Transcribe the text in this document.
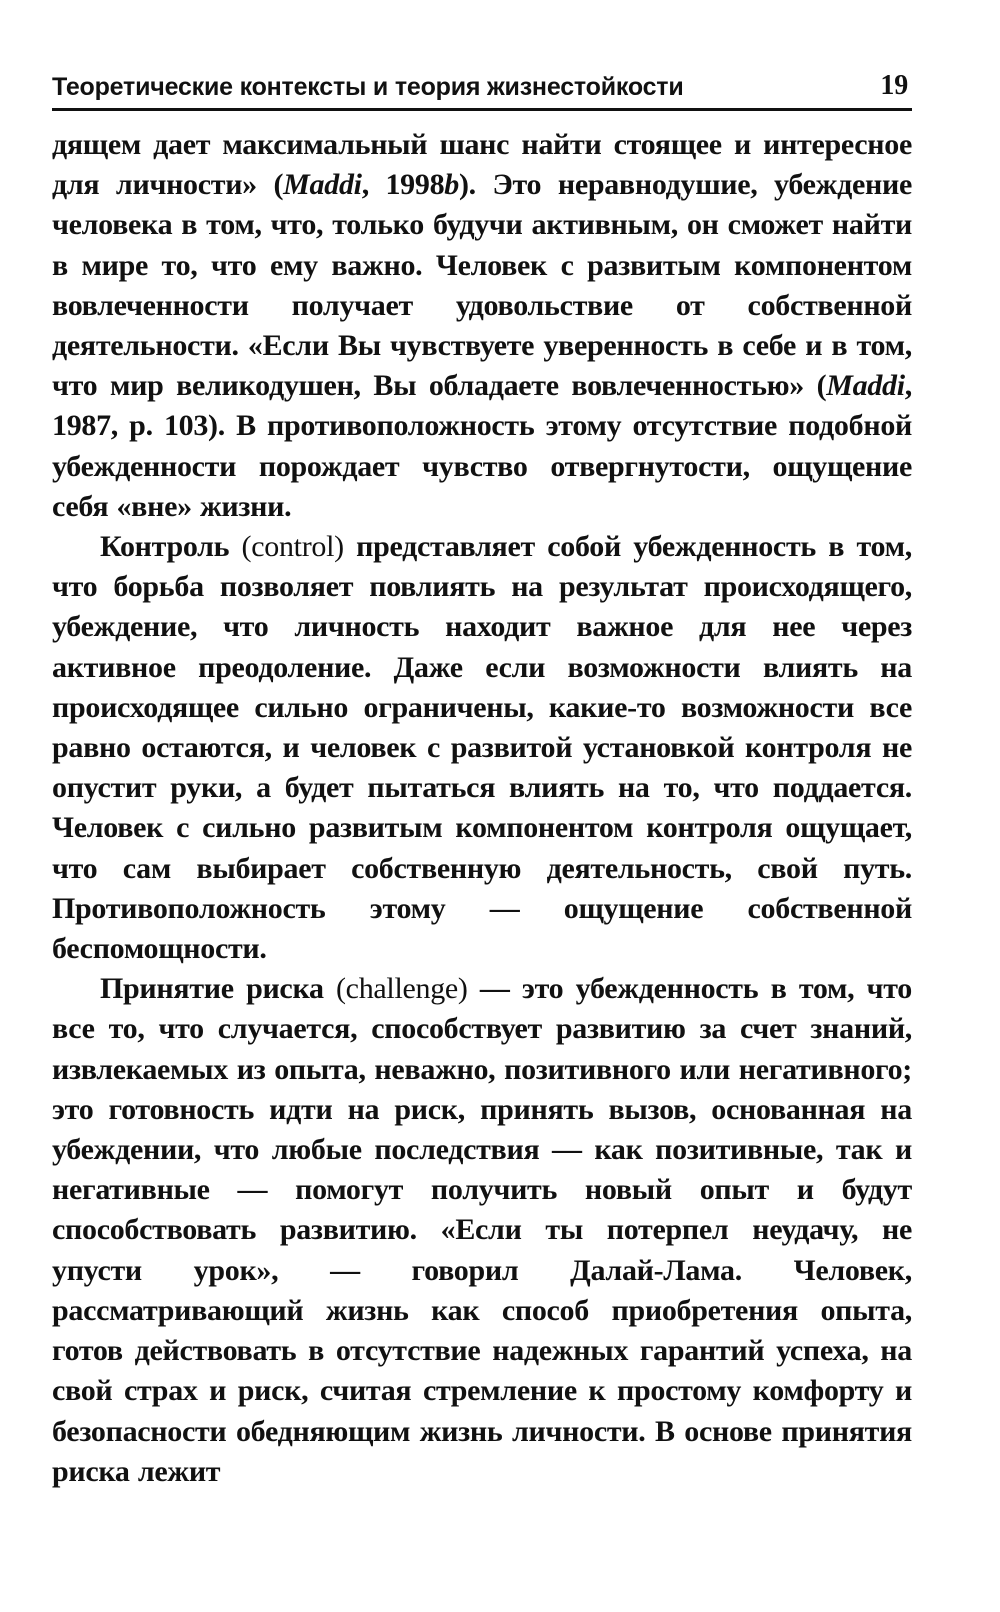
Теоретические контексты и теория жизнестойкости	19

дящем дает максимальный шанс найти стоящее и интересное для личности» (Maddi, 1998b). Это неравнодушие, убеждение человека в том, что, только будучи активным, он сможет найти в мире то, что ему важно. Человек с развитым компонентом вовлеченности получает удовольствие от собственной деятельности. «Если Вы чувствуете уверенность в себе и в том, что мир великодушен, Вы обладаете вовлеченностью» (Maddi, 1987, p. 103). В противоположность этому отсутствие подобной убежденности порождает чувство отвергнутости, ощущение себя «вне» жизни.

Контроль (control) представляет собой убежденность в том, что борьба позволяет повлиять на результат происходящего, убеждение, что личность находит важное для нее через активное преодоление. Даже если возможности влиять на происходящее сильно ограничены, какие-то возможности все равно остаются, и человек с развитой установкой контроля не опустит руки, а будет пытаться влиять на то, что поддается. Человек с сильно развитым компонентом контроля ощущает, что сам выбирает собственную деятельность, свой путь. Противоположность этому — ощущение собственной беспомощности.

Принятие риска (challenge) — это убежденность в том, что все то, что случается, способствует развитию за счет знаний, извлекаемых из опыта, неважно, позитивного или негативного; это готовность идти на риск, принять вызов, основанная на убеждении, что любые последствия — как позитивные, так и негативные — помогут получить новый опыт и будут способствовать развитию. «Если ты потерпел неудачу, не упусти урок», — говорил Далай-Лама. Человек, рассматривающий жизнь как способ приобретения опыта, готов действовать в отсутствие надежных гарантий успеха, на свой страх и риск, считая стремление к простому комфорту и безопасности обедняющим жизнь личности. В основе принятия риска лежит
